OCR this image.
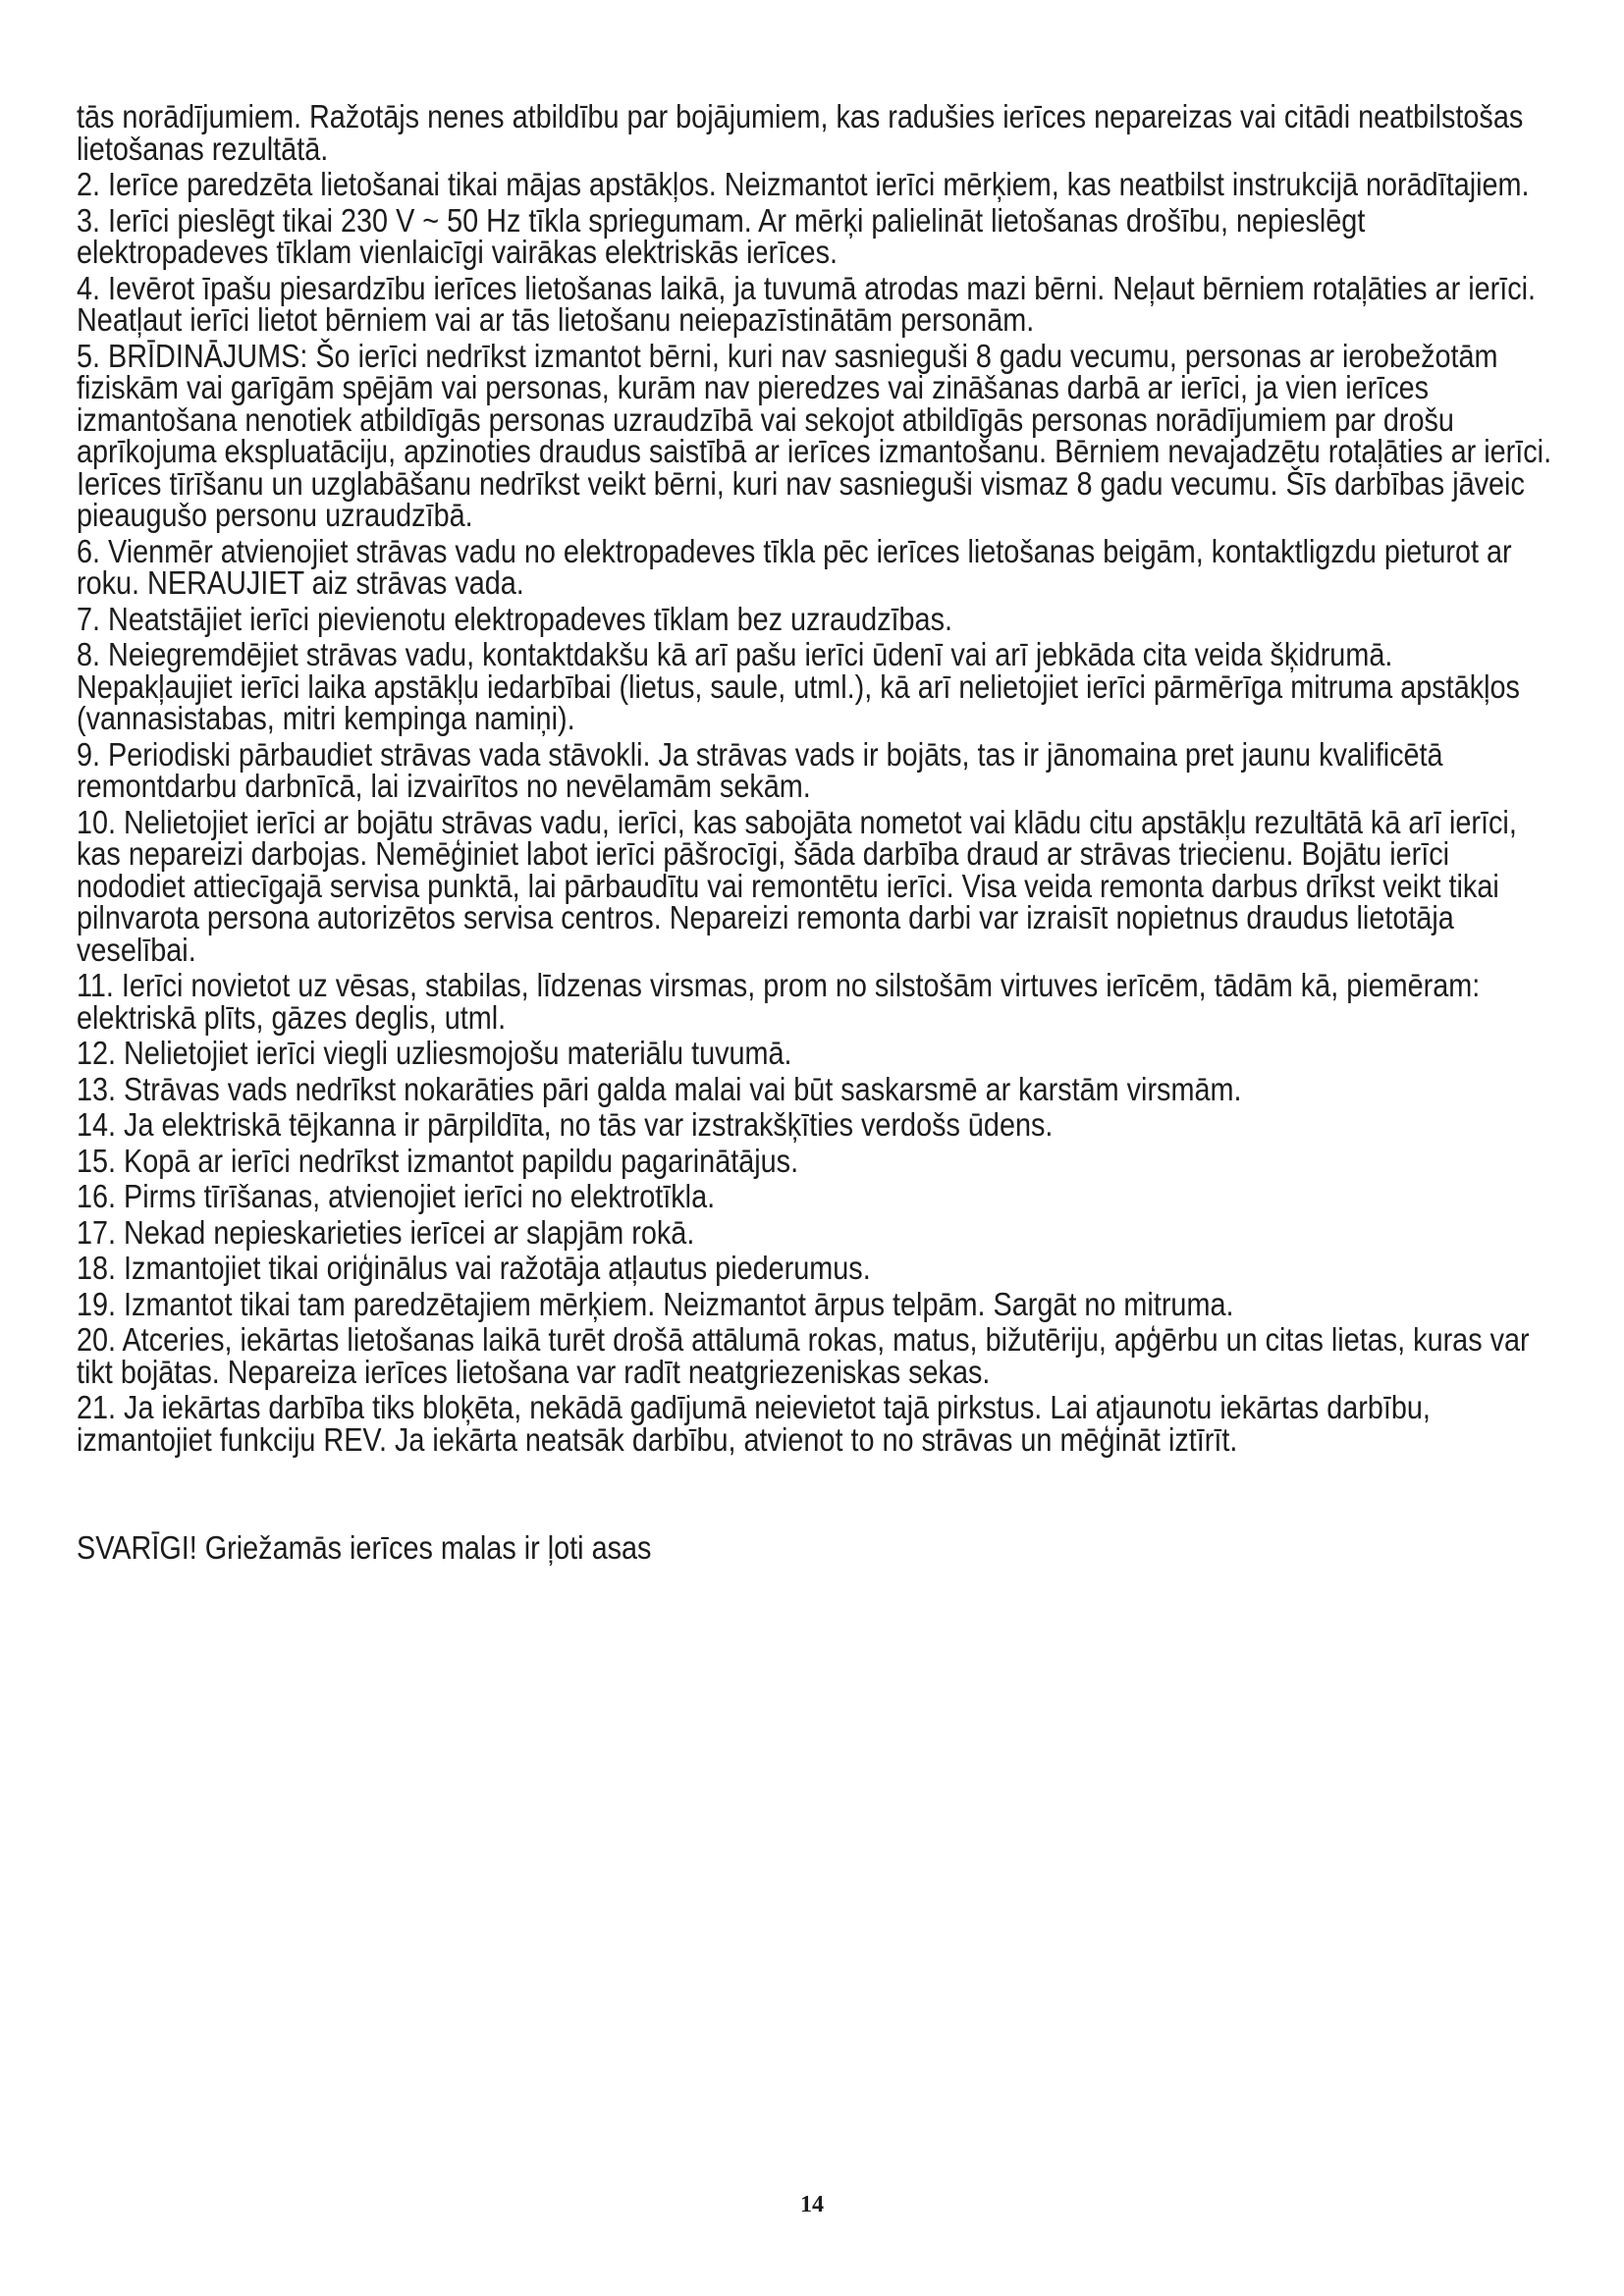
tās norādījumiem. Ražotājs nenes atbildību par bojājumiem, kas radušies ierīces nepareizas vai citādi neatbilstošas lietošanas rezultātā.

2. Ierīce paredzēta lietošanai tikai mājas apstākļos. Neizmantot ierīci mērķiem, kas neatbilst instrukcijā norādītajiem.

3. Ierīci pieslēgt tikai 230 V ~ 50 Hz tīkla spriegumam. Ar mērķi palielināt lietošanas drošību, nepieslēgt elektropadeves tīklam vienlaicīgi vairākas elektriskās ierīces.

4. Ievērot īpašu piesardzību ierīces lietošanas laikā, ja tuvumā atrodas mazi bērni. Neļaut bērniem rotaļāties ar ierīci. Neatļaut ierīci lietot bērniem vai ar tās lietošanu neiepazīstinātām personām.

5. BRĪDINĀJUMS: Šo ierīci nedrīkst izmantot bērni, kuri nav sasnieguši 8 gadu vecumu, personas ar ierobežotām fiziskām vai garīgām spējām vai personas, kurām nav pieredzes vai zināšanas darbā ar ierīci, ja vien ierīces izmantošana nenotiek atbildīgās personas uzraudzībā vai sekojot atbildīgās personas norādījumiem par drošu aprīkojuma ekspluatāciju, apzinoties draudus saistībā ar ierīces izmantošanu. Bērniem nevajadzētu rotaļāties ar ierīci. Ierīces tīrīšanu un uzglabāšanu nedrīkst veikt bērni, kuri nav sasnieguši vismaz 8 gadu vecumu. Šīs darbības jāveic pieaugušo personu uzraudzībā.

6. Vienmēr atvienojiet strāvas vadu no elektropadeves tīkla pēc ierīces lietošanas beigām, kontaktligzdu pieturot ar roku. NERAUJIET aiz strāvas vada.

7. Neatstājiet ierīci pievienotu elektropadeves tīklam bez uzraudzības.

8. Neiegremdējiet strāvas vadu, kontaktdakšu kā arī pašu ierīci ūdenī vai arī jebkāda cita veida šķidrumā. Nepakļaujiet ierīci laika apstākļu iedarbībai (lietus, saule, utml.), kā arī nelietojiet ierīci pārmērīga mitruma apstākļos (vannasistabas, mitri kempinga namiņi).

9. Periodiski pārbaudiet strāvas vada stāvokli. Ja strāvas vads ir bojāts, tas ir jānomaina pret jaunu kvalificētā remontdarbu darbnīcā, lai izvairītos no nevēlamām sekām.

10. Nelietojiet ierīci ar bojātu strāvas vadu, ierīci, kas sabojāta nometot vai klādu citu apstākļu rezultātā kā arī ierīci, kas nepareizi darbojas. Nemēģiniet labot ierīci pāšrocīgi, šāda darbība draud ar strāvas triecienu. Bojātu ierīci nododiet attiecīgajā servisa punktā, lai pārbaudītu vai remontētu ierīci. Visa veida remonta darbus drīkst veikt tikai pilnvarota persona autorizētos servisa centros. Nepareizi remonta darbi var izraisīt nopietnus draudus lietotāja veselībai.

11. Ierīci novietot uz vēsas, stabilas, līdzenas virsmas, prom no silstošām virtuves ierīcēm, tādām kā, piemēram: elektriskā plīts, gāzes deglis, utml.

12. Nelietojiet ierīci viegli uzliesmojošu materiālu tuvumā.

13. Strāvas vads nedrīkst nokarāties pāri galda malai vai būt saskarsmē ar karstām virsmām.

14. Ja elektriskā tējkanna ir pārpildīta, no tās var izstrakšķīties verdošs ūdens.

15. Kopā ar ierīci nedrīkst izmantot papildu pagarinātājus.

16. Pirms tīrīšanas, atvienojiet ierīci no elektrotīkla.

17. Nekad nepieskarieties ierīcei ar slapjām rokā.

18. Izmantojiet tikai oriģinālus vai ražotāja atļautus piederumus.

19. Izmantot tikai tam paredzētajiem mērķiem. Neizmantot ārpus telpām. Sargāt no mitruma.

20. Atceries, iekārtas lietošanas laikā turēt drošā attālumā rokas, matus, bižutēriju, apģērbu un citas lietas, kuras var tikt bojātas. Nepareiza ierīces lietošana var radīt neatgriezeniskas sekas.

21. Ja iekārtas darbība tiks bloķēta, nekādā gadījumā neievietot tajā pirkstus. Lai atjaunotu iekārtas darbību, izmantojiet funkciju REV. Ja iekārta neatsāk darbību, atvienot to no strāvas un mēģināt iztīrīt.

SVARĪGI! Griežamās ierīces malas ir ļoti asas

14
